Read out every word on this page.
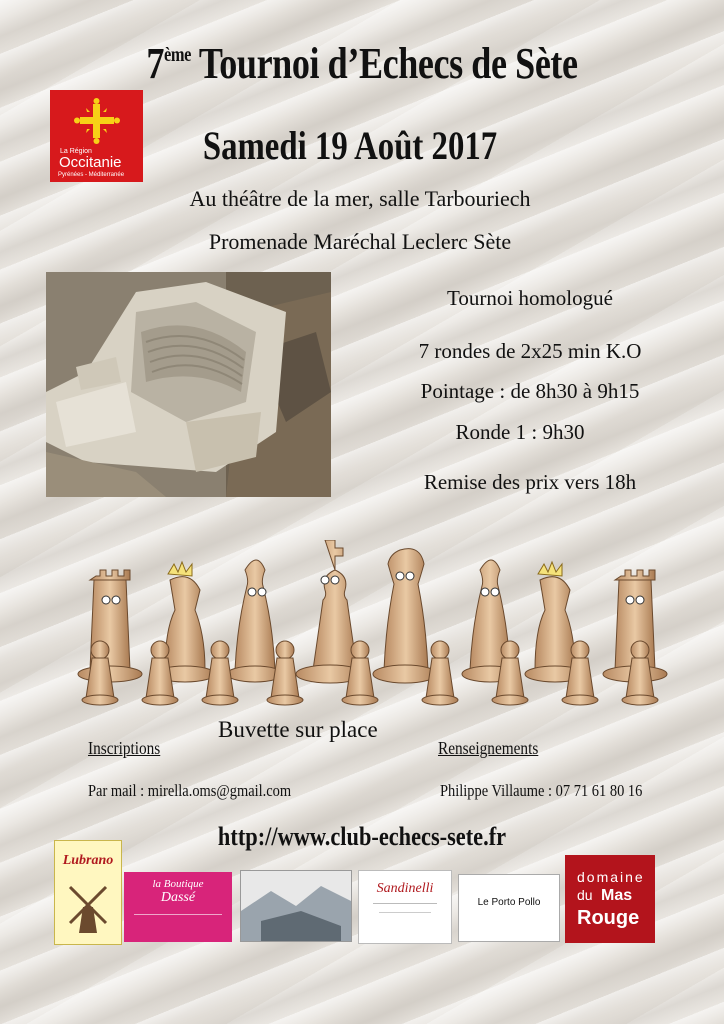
7ème Tournoi d’Echecs de Sète
La Région
Occitanie
Pyrénées - Méditerranée
Samedi 19 Août 2017
Au théâtre de la mer, salle Tarbouriech
Promenade Maréchal Leclerc Sète
Tournoi homologué
7 rondes de 2x25 min K.O
Pointage : de 8h30 à 9h15
Ronde 1 : 9h30
Remise des prix vers 18h
Buvette sur place
Inscriptions
Par mail : mirella.oms@gmail.com
Renseignements
Philippe Villaume : 07 71 61 80 16
http://www.club-echecs-sete.fr
Lubrano
la Boutique
Dassé
Sandinelli
Le Porto Pollo
domaine
du Mas
Rouge
